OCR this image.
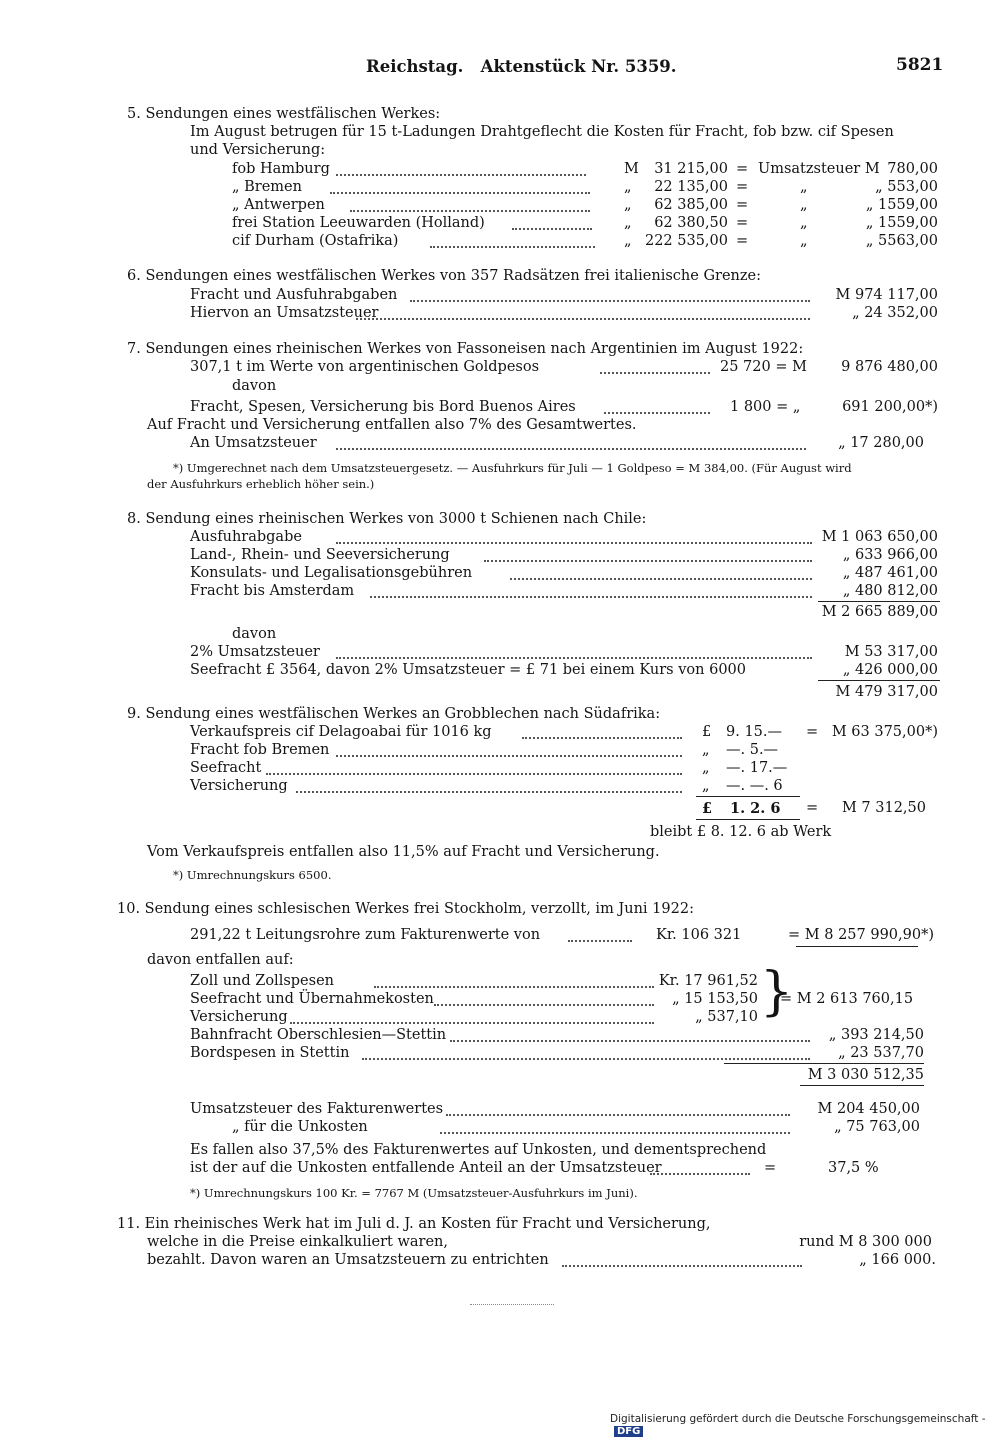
Reichstag.   Aktenstück Nr. 5359.	5821
5. Sendungen eines westfälischen Werkes:
Im August betrugen für 15 t-Ladungen Drahtgeflecht die Kosten für Fracht, fob bzw. cif Spesen
und Versicherung:
fob Hamburg	M	31 215,00 = Umsatzsteuer M 780,00
„ Bremen	„	22 135,00 =	„	„ 553,00
„ Antwerpen	„	62 385,00 =	„	„ 1559,00
frei Station Leeuwarden (Holland)	„	62 380,50 =	„	„ 1559,00
cif Durham (Ostafrika)	„ 222 535,00 =	„	„ 5563,00
6. Sendungen eines westfälischen Werkes von 357 Radsätzen frei italienische Grenze:
Fracht und Ausfuhrabgaben	M 974 117,00
Hiervon an Umsatzsteuer	„ 24 352,00
7. Sendungen eines rheinischen Werkes von Fassoneisen nach Argentinien im August 1922:
307,1 t im Werte von argentinischen Goldpesos	25 720 = M	9 876 480,00
davon
Fracht, Spesen, Versicherung bis Bord Buenos Aires	1 800 = „	691 200,00*)
Auf Fracht und Versicherung entfallen also 7% des Gesamtwertes.
An Umsatzsteuer	„ 17 280,00
*) Umgerechnet nach dem Umsatzsteuergesetz. — Ausfuhrkurs für Juli — 1 Goldpeso = M 384,00. (Für August wird
der Ausfuhrkurs erheblich höher sein.)
8. Sendung eines rheinischen Werkes von 3000 t Schienen nach Chile:
Ausfuhrabgabe	M 1 063 650,00
Land-, Rhein- und Seeversicherung	„ 633 966,00
Konsulats- und Legalisationsgebühren	„ 487 461,00
Fracht bis Amsterdam	„ 480 812,00
M 2 665 889,00
davon
2% Umsatzsteuer	M 53 317,00
Seefracht £ 3564, davon 2% Umsatzsteuer = £ 71 bei einem Kurs von 6000	„ 426 000,00
M 479 317,00
9. Sendung eines westfälischen Werkes an Grobblechen nach Südafrika:
Verkaufspreis cif Delagoabai für 1016 kg	£ 9. 15.— = M 63 375,00*)
Fracht fob Bremen	„ —. 5.—
Seefracht	„ —. 17.—
Versicherung	„ —. —. 6
£ 1. 2. 6 =	M 7 312,50
bleibt £ 8. 12. 6 ab Werk
Vom Verkaufspreis entfallen also 11,5% auf Fracht und Versicherung.
*) Umrechnungskurs 6500.
10. Sendung eines schlesischen Werkes frei Stockholm, verzollt, im Juni 1922:
291,22 t Leitungsrohre zum Fakturenwerte von	Kr. 106 321	= M 8 257 990,90*)
davon entfallen auf:
Zoll und Zollspesen	Kr. 17 961,52
Seefracht und Übernahmekosten	„ 15 153,50
Versicherung	„ 537,10 }
= M 2 613 760,15
Bahnfracht Oberschlesien—Stettin	„ 393 214,50
Bordspesen in Stettin	„ 23 537,70
M 3 030 512,35
Umsatzsteuer des Fakturenwertes	M 204 450,00
„ für die Unkosten	„ 75 763,00
Es fallen also 37,5% des Fakturenwertes auf Unkosten, und dementsprechend
ist der auf die Unkosten entfallende Anteil an der Umsatzsteuer	=	37,5 %
*) Umrechnungskurs 100 Kr. = 7767 M (Umsatzsteuer-Ausfuhrkurs im Juni).
11. Ein rheinisches Werk hat im Juli d. J. an Kosten für Fracht und Versicherung,
welche in die Preise einkalkuliert waren,	rund M 8 300 000
bezahlt. Davon waren an Umsatzsteuern zu entrichten	„ 166 000.
Digitalisierung gefördert durch die Deutsche Forschungsgemeinschaft -DFG
